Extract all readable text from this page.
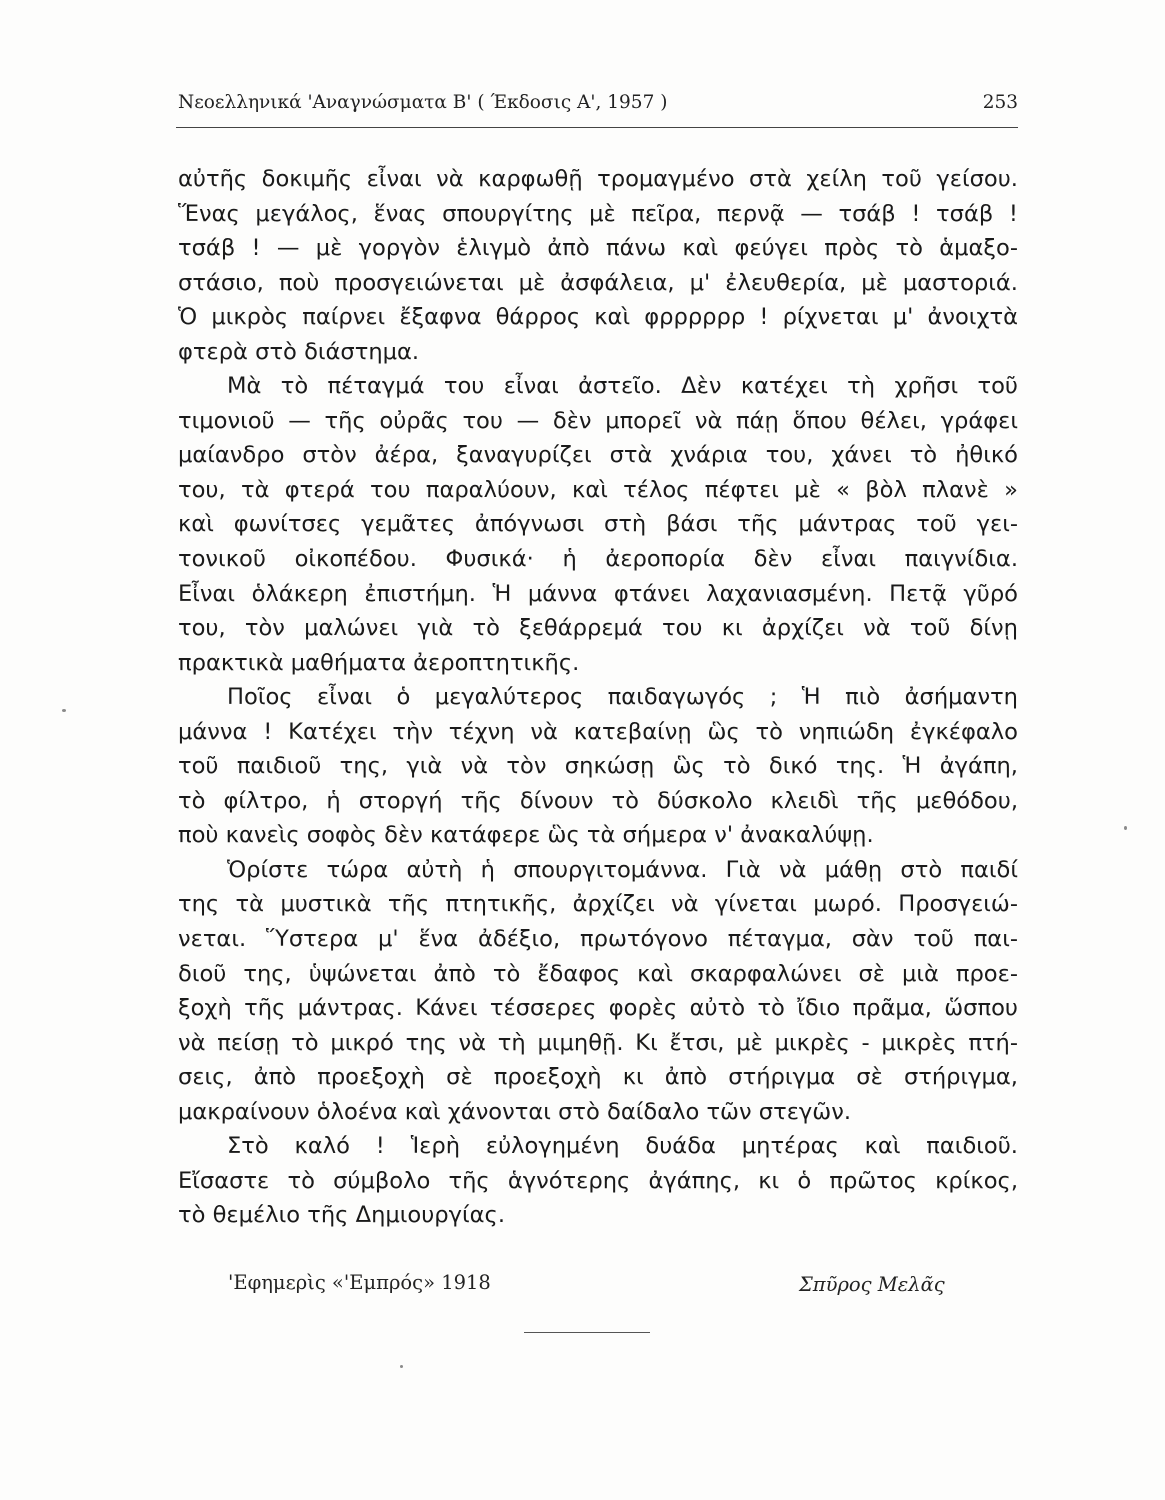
Νεοελληνικά 'Αναγνώσματα Β' ( Έκδοσις Α', 1957 )	253
αὐτῆς δοκιμῆς εἶναι νὰ καρφωθῇ τρομαγμένο στὰ χείλη τοῦ γείσου.
Ἕνας μεγάλος, ἕνας σπουργίτης μὲ πεῖρα, περνᾷ — τσάβ ! τσάβ !
τσάβ ! — μὲ γοργὸν ἑλιγμὸ ἀπὸ πάνω καὶ φεύγει πρὸς τὸ ἁμαξο-
στάσιο, ποὺ προσγειώνεται μὲ ἀσφάλεια, μ' ἐλευθερία, μὲ μαστοριά.
Ὁ μικρὸς παίρνει ἔξαφνα θάρρος καὶ φρρρρρρ ! ρίχνεται μ' ἀνοιχτὰ
φτερὰ στὸ διάστημα.
Μὰ τὸ πέταγμά του εἶναι ἀστεῖο. Δὲν κατέχει τὴ χρῆσι τοῦ
τιμονιοῦ — τῆς οὐρᾶς του — δὲν μπορεῖ νὰ πάῃ ὅπου θέλει, γράφει
μαίανδρο στὸν ἀέρα, ξαναγυρίζει στὰ χνάρια του, χάνει τὸ ἠθικό
του, τὰ φτερά του παραλύουν, καὶ τέλος πέφτει μὲ « βὸλ πλανὲ »
καὶ φωνίτσες γεμᾶτες ἀπόγνωσι στὴ βάσι τῆς μάντρας τοῦ γει-
τονικοῦ οἰκοπέδου. Φυσικά· ἡ ἀεροπορία δὲν εἶναι παιγνίδια.
Εἶναι ὁλάκερη ἐπιστήμη. Ἡ μάννα φτάνει λαχανιασμένη. Πετᾷ γῦρό
του, τὸν μαλώνει γιὰ τὸ ξεθάρρεμά του κι ἀρχίζει νὰ τοῦ δίνῃ
πρακτικὰ μαθήματα ἀεροπτητικῆς.
Ποῖος εἶναι ὁ μεγαλύτερος παιδαγωγός ; Ἡ πιὸ ἀσήμαντη
μάννα ! Κατέχει τὴν τέχνη νὰ κατεβαίνῃ ὣς τὸ νηπιώδη ἐγκέφαλο
τοῦ παιδιοῦ της, γιὰ νὰ τὸν σηκώσῃ ὣς τὸ δικό της. Ἡ ἀγάπη,
τὸ φίλτρο, ἡ στοργή τῆς δίνουν τὸ δύσκολο κλειδὶ τῆς μεθόδου,
ποὺ κανεὶς σοφὸς δὲν κατάφερε ὣς τὰ σήμερα ν' ἀνακαλύψῃ.
Ὁρίστε τώρα αὐτὴ ἡ σπουργιτομάννα. Γιὰ νὰ μάθῃ στὸ παιδί
της τὰ μυστικὰ τῆς πτητικῆς, ἀρχίζει νὰ γίνεται μωρό. Προσγειώ-
νεται. Ὕστερα μ' ἕνα ἀδέξιο, πρωτόγονο πέταγμα, σὰν τοῦ παι-
διοῦ της, ὑψώνεται ἀπὸ τὸ ἔδαφος καὶ σκαρφαλώνει σὲ μιὰ προε-
ξοχὴ τῆς μάντρας. Κάνει τέσσερες φορὲς αὐτὸ τὸ ἴδιο πρᾶμα, ὥσπου
νὰ πείσῃ τὸ μικρό της νὰ τὴ μιμηθῇ. Κι ἔτσι, μὲ μικρὲς - μικρὲς πτή-
σεις, ἀπὸ προεξοχὴ σὲ προεξοχὴ κι ἀπὸ στήριγμα σὲ στήριγμα,
μακραίνουν ὁλοένα καὶ χάνονται στὸ δαίδαλο τῶν στεγῶν.
Στὸ καλό ! Ἱερὴ εὐλογημένη δυάδα μητέρας καὶ παιδιοῦ.
Εἴσαστε τὸ σύμβολο τῆς ἁγνότερης ἀγάπης, κι ὁ πρῶτος κρίκος,
τὸ θεμέλιο τῆς Δημιουργίας.
'Εφημερὶς «'Εμπρός» 1918	Σπῦρος Μελᾶς
